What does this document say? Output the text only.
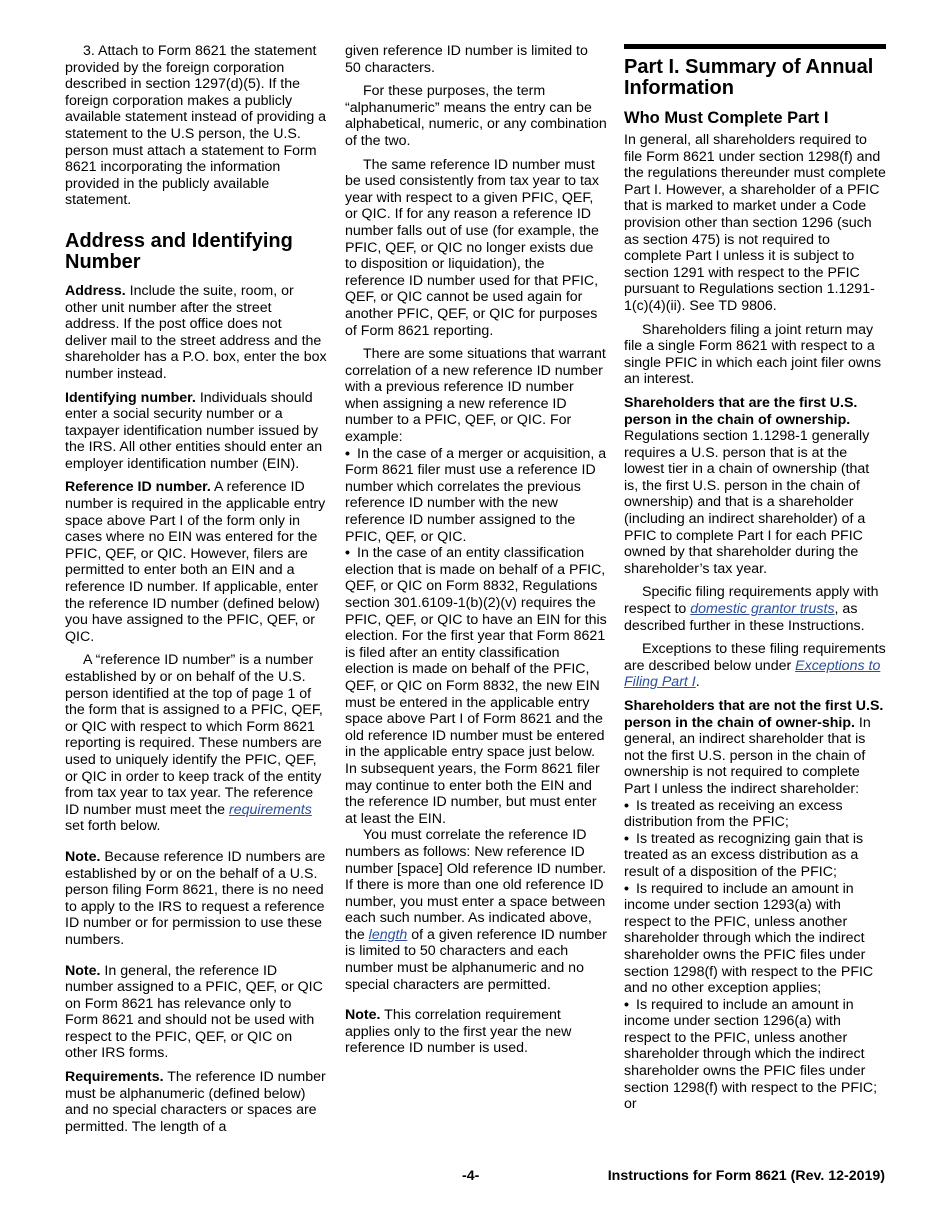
3. Attach to Form 8621 the statement provided by the foreign corporation described in section 1297(d)(5). If the foreign corporation makes a publicly available statement instead of providing a statement to the U.S person, the U.S. person must attach a statement to Form 8621 incorporating the information provided in the publicly available statement.

Address and Identifying Number

Address. Include the suite, room, or other unit number after the street address. If the post office does not deliver mail to the street address and the shareholder has a P.O. box, enter the box number instead.

Identifying number. Individuals should enter a social security number or a taxpayer identification number issued by the IRS. All other entities should enter an employer identification number (EIN).

Reference ID number. A reference ID number is required in the applicable entry space above Part I of the form only in cases where no EIN was entered for the PFIC, QEF, or QIC. However, filers are permitted to enter both an EIN and a reference ID number. If applicable, enter the reference ID number (defined below) you have assigned to the PFIC, QEF, or QIC.

A “reference ID number” is a number established by or on behalf of the U.S. person identified at the top of page 1 of the form that is assigned to a PFIC, QEF, or QIC with respect to which Form 8621 reporting is required. These numbers are used to uniquely identify the PFIC, QEF, or QIC in order to keep track of the entity from tax year to tax year. The reference ID number must meet the requirements set forth below.

Note. Because reference ID numbers are established by or on the behalf of a U.S. person filing Form 8621, there is no need to apply to the IRS to request a reference ID number or for permission to use these numbers.

Note. In general, the reference ID number assigned to a PFIC, QEF, or QIC on Form 8621 has relevance only to Form 8621 and should not be used with respect to the PFIC, QEF, or QIC on other IRS forms.

Requirements. The reference ID number must be alphanumeric (defined below) and no special characters or spaces are permitted. The length of a

given reference ID number is limited to 50 characters.

For these purposes, the term “alphanumeric” means the entry can be alphabetical, numeric, or any combination of the two.

The same reference ID number must be used consistently from tax year to tax year with respect to a given PFIC, QEF, or QIC. If for any reason a reference ID number falls out of use (for example, the PFIC, QEF, or QIC no longer exists due to disposition or liquidation), the reference ID number used for that PFIC, QEF, or QIC cannot be used again for another PFIC, QEF, or QIC for purposes of Form 8621 reporting.

There are some situations that warrant correlation of a new reference ID number with a previous reference ID number when assigning a new reference ID number to a PFIC, QEF, or QIC. For example:

• In the case of a merger or acquisition, a Form 8621 filer must use a reference ID number which correlates the previous reference ID number with the new reference ID number assigned to the PFIC, QEF, or QIC.

• In the case of an entity classification election that is made on behalf of a PFIC, QEF, or QIC on Form 8832, Regulations section 301.6109-1(b)(2)(v) requires the PFIC, QEF, or QIC to have an EIN for this election. For the first year that Form 8621 is filed after an entity classification election is made on behalf of the PFIC, QEF, or QIC on Form 8832, the new EIN must be entered in the applicable entry space above Part I of Form 8621 and the old reference ID number must be entered in the applicable entry space just below. In subsequent years, the Form 8621 filer may continue to enter both the EIN and the reference ID number, but must enter at least the EIN.

You must correlate the reference ID numbers as follows: New reference ID number [space] Old reference ID number. If there is more than one old reference ID number, you must enter a space between each such number. As indicated above, the length of a given reference ID number is limited to 50 characters and each number must be alphanumeric and no special characters are permitted.

Note. This correlation requirement applies only to the first year the new reference ID number is used.

Part I. Summary of Annual Information
Who Must Complete Part I

In general, all shareholders required to file Form 8621 under section 1298(f) and the regulations thereunder must complete Part I. However, a shareholder of a PFIC that is marked to market under a Code provision other than section 1296 (such as section 475) is not required to complete Part I unless it is subject to section 1291 with respect to the PFIC pursuant to Regulations section 1.1291-1(c)(4)(ii). See TD 9806.

Shareholders filing a joint return may file a single Form 8621 with respect to a single PFIC in which each joint filer owns an interest.

Shareholders that are the first U.S. person in the chain of ownership. Regulations section 1.1298-1 generally requires a U.S. person that is at the lowest tier in a chain of ownership (that is, the first U.S. person in the chain of ownership) and that is a shareholder (including an indirect shareholder) of a PFIC to complete Part I for each PFIC owned by that shareholder during the shareholder’s tax year.

Specific filing requirements apply with respect to domestic grantor trusts, as described further in these Instructions.

Exceptions to these filing requirements are described below under Exceptions to Filing Part I.

Shareholders that are not the first U.S. person in the chain of owner-ship. In general, an indirect shareholder that is not the first U.S. person in the chain of ownership is not required to complete Part I unless the indirect shareholder:

• Is treated as receiving an excess distribution from the PFIC;

• Is treated as recognizing gain that is treated as an excess distribution as a result of a disposition of the PFIC;

• Is required to include an amount in income under section 1293(a) with respect to the PFIC, unless another shareholder through which the indirect shareholder owns the PFIC files under section 1298(f) with respect to the PFIC and no other exception applies;

• Is required to include an amount in income under section 1296(a) with respect to the PFIC, unless another shareholder through which the indirect shareholder owns the PFIC files under section 1298(f) with respect to the PFIC; or

-4-	Instructions for Form 8621 (Rev. 12-2019)
